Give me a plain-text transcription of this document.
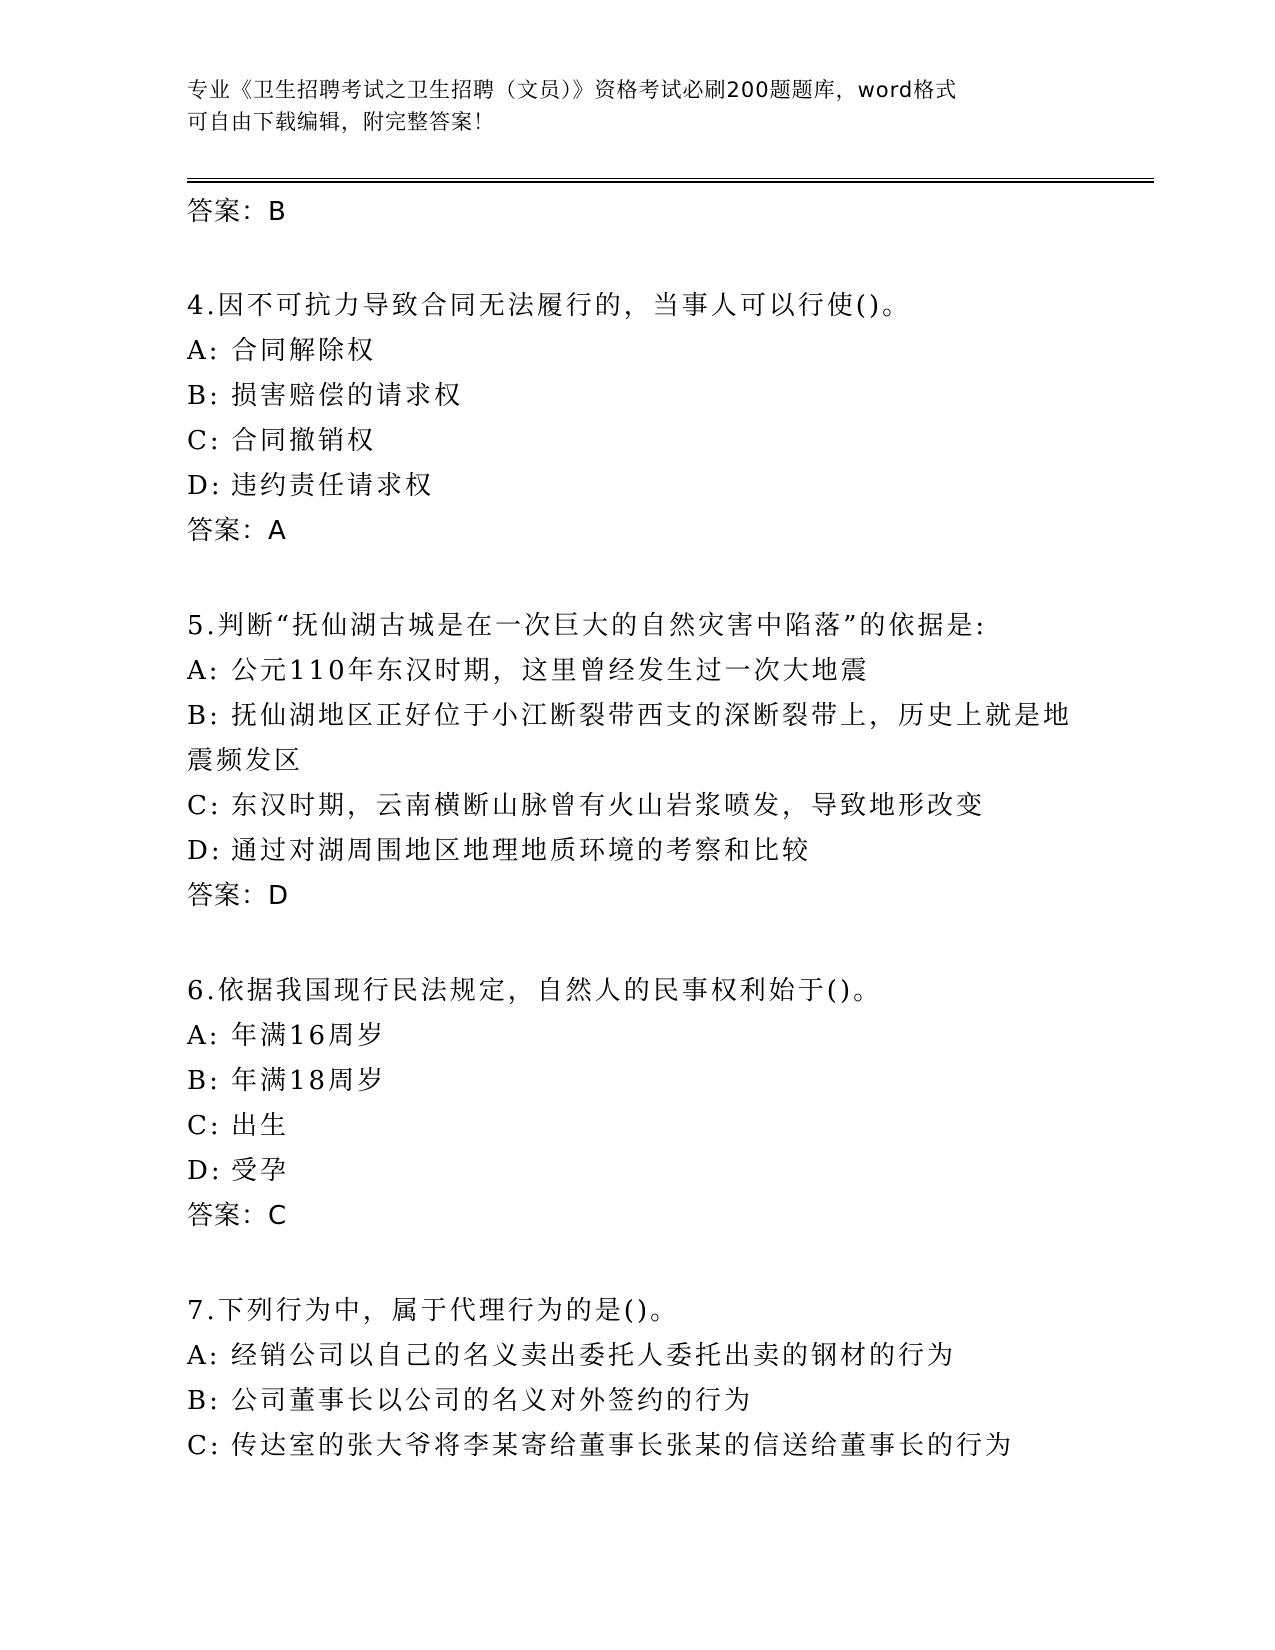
专业《卫生招聘考试之卫生招聘（文员）》资格考试必刷200题题库，word格式
可自由下载编辑，附完整答案！
答案：B
4.因不可抗力导致合同无法履行的，当事人可以行使()。
A: 合同解除权
B: 损害赔偿的请求权
C: 合同撤销权
D: 违约责任请求权
答案：A
5.判断“抚仙湖古城是在一次巨大的自然灾害中陷落”的依据是:
A: 公元110年东汉时期，这里曾经发生过一次大地震
B: 抚仙湖地区正好位于小江断裂带西支的深断裂带上，历史上就是地震频发区
C: 东汉时期，云南横断山脉曾有火山岩浆喷发，导致地形改变
D: 通过对湖周围地区地理地质环境的考察和比较
答案：D
6.依据我国现行民法规定，自然人的民事权利始于()。
A: 年满16周岁
B: 年满18周岁
C: 出生
D: 受孕
答案：C
7.下列行为中，属于代理行为的是()。
A: 经销公司以自己的名义卖出委托人委托出卖的钢材的行为
B: 公司董事长以公司的名义对外签约的行为
C: 传达室的张大爷将李某寄给董事长张某的信送给董事长的行为
